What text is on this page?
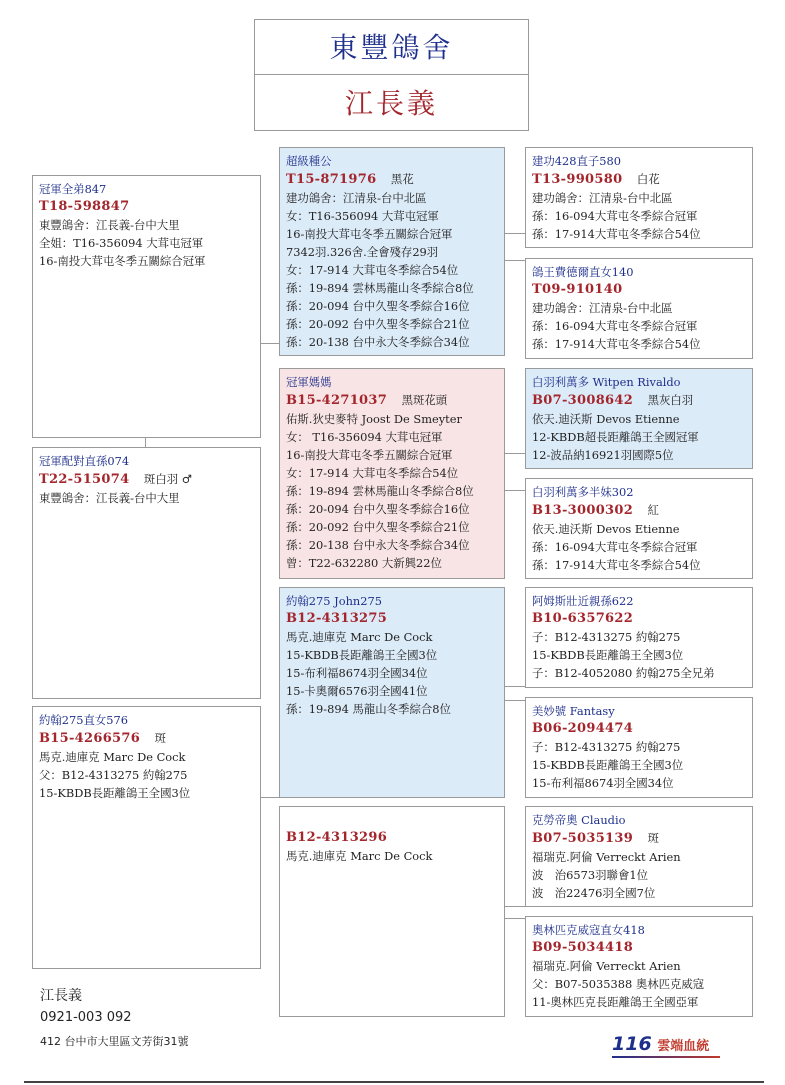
東豐鴿舍
江長義
冠軍全弟847
T18-598847
東豐鴿舍：江長義-台中大里
全姐：T16-356094 大茸屯冠軍
16-南投大茸屯冬季五關綜合冠軍
冠軍配對直孫074
T22-515074 斑白羽 ♂
東豐鴿舍：江長義-台中大里
約翰275直女576
B15-4266576 斑
馬克.迪庫克 Marc De Cock
父：B12-4313275 約翰275
15-KBDB長距離鴿王全國3位
超級種公
T15-871976 黑花
建功鴿舍：江清泉-台中北區
女：T16-356094 大茸屯冠軍
16-南投大茸屯冬季五關綜合冠軍
7342羽.326舍.全會殘存29羽
女：17-914 大茸屯冬季綜合54位
孫：19-894 雲林馬龍山冬季綜合8位
孫：20-094 台中久聖冬季綜合16位
孫：20-092 台中久聖冬季綜合21位
孫：20-138 台中永大冬季綜合34位
冠軍媽媽
B15-4271037 黑斑花頭
佑斯.狄史麥特 Joost De Smeyter
女： T16-356094 大茸屯冠軍
16-南投大茸屯冬季五關綜合冠軍
女：17-914 大茸屯冬季綜合54位
孫：19-894 雲林馬龍山冬季綜合8位
孫：20-094 台中久聖冬季綜合16位
孫：20-092 台中久聖冬季綜合21位
孫：20-138 台中永大冬季綜合34位
曾：T22-632280 大新興22位
約翰275 John275
B12-4313275
馬克.迪庫克 Marc De Cock
15-KBDB長距離鴿王全國3位
15-布利福8674羽全國34位
15-卡奧爾6576羽全國41位
孫：19-894 馬龍山冬季綜合8位
B12-4313296
馬克.迪庫克 Marc De Cock
建功428直子580
T13-990580 白花
建功鴿舍：江清泉-台中北區
孫：16-094大茸屯冬季綜合冠軍
孫：17-914大茸屯冬季綜合54位
鴿王費德爾直女140
T09-910140
建功鴿舍：江清泉-台中北區
孫：16-094大茸屯冬季綜合冠軍
孫：17-914大茸屯冬季綜合54位
白羽利萬多 Witpen Rivaldo
B07-3008642 黑灰白羽
依天.迪沃斯 Devos Etienne
12-KBDB超長距離鴿王全國冠軍
12-波品納16921羽國際5位
白羽利萬多半妹302
B13-3000302 紅
依天.迪沃斯 Devos Etienne
孫：16-094大茸屯冬季綜合冠軍
孫：17-914大茸屯冬季綜合54位
阿姆斯壯近親孫622
B10-6357622
子：B12-4313275 約翰275
15-KBDB長距離鴿王全國3位
子：B12-4052080 約翰275全兄弟
美妙號 Fantasy
B06-2094474
子：B12-4313275 約翰275
15-KBDB長距離鴿王全國3位
15-布利福8674羽全國34位
克勞帝奧 Claudio
B07-5035139 斑
福瑞克.阿倫 Verreckt Arien
波　治6573羽聯會1位
波　治22476羽全國7位
奧林匹克威寇直女418
B09-5034418
福瑞克.阿倫 Verreckt Arien
父：B07-5035388 奧林匹克威寇
11-奧林匹克長距離鴿王全國亞軍
江長義
0921-003 092
412 台中市大里區文芳街31號	116 雲端血統
